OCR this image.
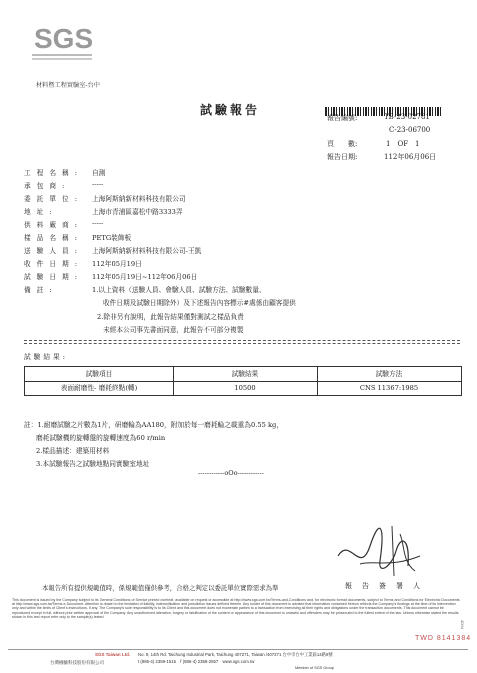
SGS
材料暨工程實驗室-台中
試驗報告
報告編號:	TB-23-02781
C-23-06700
頁　　數:	1　OF　1
報告日期:	112年06月06日
工程名稱:	自測
承包商:	-----
委託單位:	上海阿斯納新材料科技有限公司
地址:	上海市青浦區嘉松中路3333弄
供料廠商:	-----
樣品名稱:	PETG裝飾板
送驗人員:	上海阿斯納新材料科技有限公司-王凱
收件日期:	112年05月19日
試驗日期:	112年05月19日~112年06月06日
備註:	1.以上資料（送驗人員、會驗人員、試驗方法、試驗數量、
收件日期及試驗日期除外）及下述報告內容標示#處係由顧客提供
2.除非另有說明，此報告結果僅對測試之樣品負責
未經本公司事先書面同意，此報告不可部分複製
試驗結果:
試驗項目	試驗結果	試驗方法
表面耐磨性- 磨耗終點(轉)	10500	CNS 11367:1985
註：1.耐磨試驗之片數為1片，研磨輪為AA180，附加於每一磨耗輪之載重為0.55 kg，
磨耗試驗機的旋轉盤的旋轉速度為60 r/min
2.樣品描述：建築用材料
3.本試驗報告之試驗地點同實驗室地址
------------oOo------------
報告簽署人
本報告所有提供規範值時，係規範值僅供參考，合格之判定以委託單位實際需求為準
This document is issued by the Company subject to its General Conditions of Service printed overleaf, available on request or accessible at http://www.sgs.com.tw/Terms-and-Conditions and, for electronic format documents, subject to Terms and Conditions for Electronic Documents at http://www.sgs.com.tw/Terms-e-Document. Attention is drawn to the limitation of liability, indemnification and jurisdiction issues defined therein. Any holder of this document is advised that information contained hereon reflects the Company's findings at the time of its intervention only and within the limits of Client's instructions, if any. The Company's sole responsibility is to its Client and this document does not exonerate parties to a transaction from exercising all their rights and obligations under the transaction documents. This document cannot be reproduced except in full, without prior written approval of the Company. Any unauthorized alteration, forgery or falsification of the content or appearance of this document is unlawful and offenders may be prosecuted to the fullest extent of the law. Unless otherwise stated the results shown in this test report refer only to the sample(s) tested.
TWD 8141384
SGS Taiwan Ltd.
台灣檢驗科技股份有限公司
No. 9, 14th Rd. Taichung Industrial Park, Taichung 407271, Taiwan /407271 台中市台中工業區14路9號
t (886-4) 2359-1515　f (886-4) 2359-2557　www.sgs.com.tw
Member of SGS Group
4004
